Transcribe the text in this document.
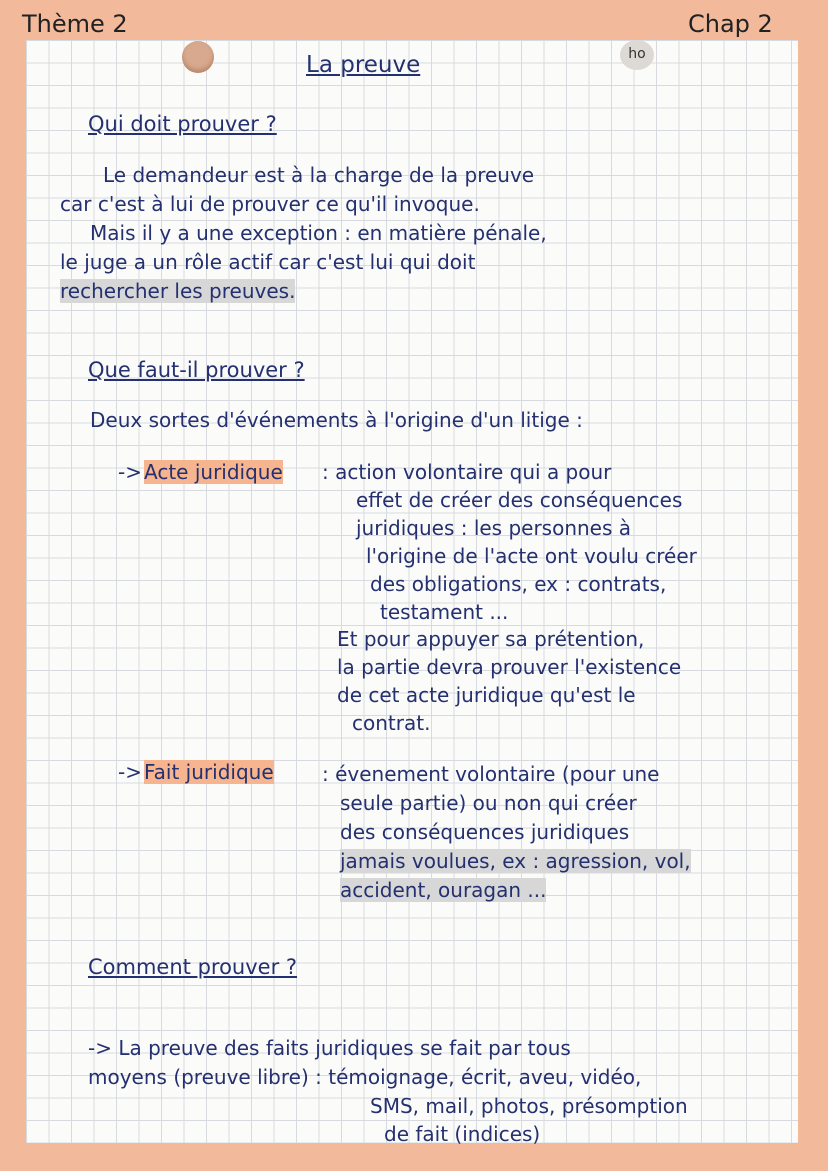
ho
Thème 2	Chap 2
La preuve
Qui doit prouver ?
Le demandeur est à la charge de la preuve
car c'est à lui de prouver ce qu'il invoque.
Mais il y a une exception : en matière pénale,
le juge a un rôle actif car c'est lui qui doit
rechercher les preuves.
Que faut-il prouver ?
Deux sortes d'événements à l'origine d'un litige :
-> Acte juridique : action volontaire qui a pour
effet de créer des conséquences
juridiques : les personnes à
l'origine de l'acte ont voulu créer
des obligations, ex : contrats,
testament ...
Et pour appuyer sa prétention,
la partie devra prouver l'existence
de cet acte juridique qu'est le
contrat.
-> Fait juridique : évenement volontaire (pour une
seule partie) ou non qui créer
des conséquences juridiques
jamais voulues, ex : agression, vol,
accident, ouragan ...
Comment prouver ?
-> La preuve des faits juridiques se fait par tous
moyens (preuve libre) : témoignage, écrit, aveu, vidéo,
SMS, mail, photos, présomption
de fait (indices)
